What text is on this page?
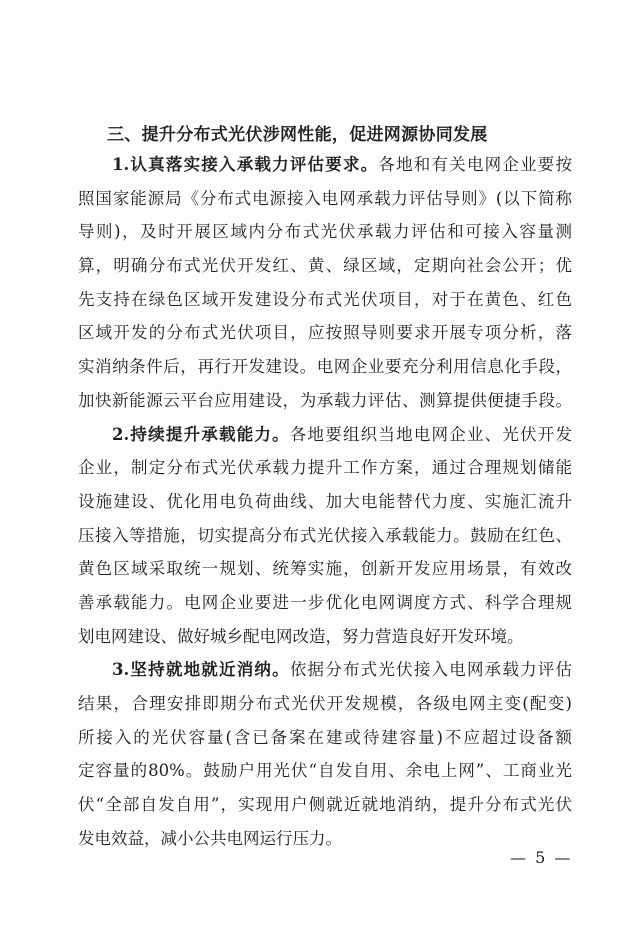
三、提升分布式光伏涉网性能，促进网源协同发展
1.认真落实接入承载力评估要求。各地和有关电网企业要按
照国家能源局《分布式电源接入电网承载力评估导则》(以下简称
导则)，及时开展区域内分布式光伏承载力评估和可接入容量测
算，明确分布式光伏开发红、黄、绿区域，定期向社会公开；优
先支持在绿色区域开发建设分布式光伏项目，对于在黄色、红色
区域开发的分布式光伏项目，应按照导则要求开展专项分析，落
实消纳条件后，再行开发建设。电网企业要充分利用信息化手段，
加快新能源云平台应用建设，为承载力评估、测算提供便捷手段。
2.持续提升承载能力。各地要组织当地电网企业、光伏开发
企业，制定分布式光伏承载力提升工作方案，通过合理规划储能
设施建设、优化用电负荷曲线、加大电能替代力度、实施汇流升
压接入等措施，切实提高分布式光伏接入承载能力。鼓励在红色、
黄色区域采取统一规划、统筹实施，创新开发应用场景，有效改
善承载能力。电网企业要进一步优化电网调度方式、科学合理规
划电网建设、做好城乡配电网改造，努力营造良好开发环境。
3.坚持就地就近消纳。依据分布式光伏接入电网承载力评估
结果，合理安排即期分布式光伏开发规模，各级电网主变(配变)
所接入的光伏容量(含已备案在建或待建容量)不应超过设备额
定容量的80%。鼓励户用光伏“自发自用、余电上网”、工商业光
伏“全部自发自用”，实现用户侧就近就地消纳，提升分布式光伏
发电效益，减小公共电网运行压力。
— 5 —
